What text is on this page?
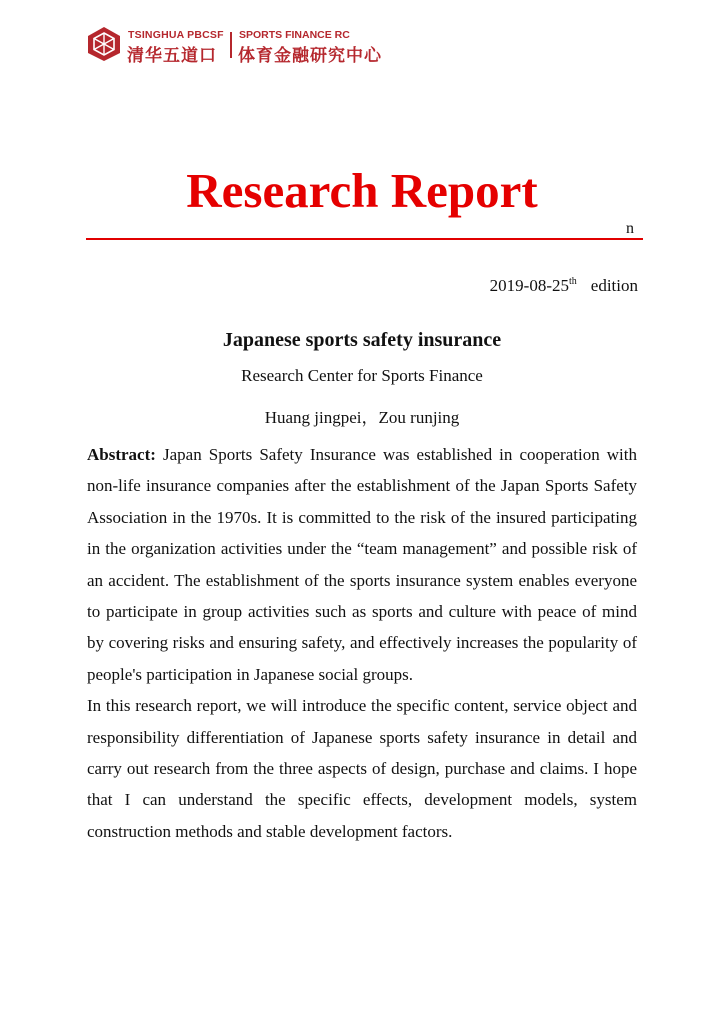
TSINGHUA PBCSF
清华五道口
SPORTS FINANCE RC
体育金融研究中心
Research Report
n
2019-08-25th edition
Japanese sports safety insurance
Research Center for Sports Finance
Huang jingpei，Zou runjing

Abstract: Japan Sports Safety Insurance was established in cooperation with non-life insurance companies after the establishment of the Japan Sports Safety Association in the 1970s. It is committed to the risk of the insured participating in the organization activities under the “team management” and possible risk of an accident. The establishment of the sports insurance system enables everyone to participate in group activities such as sports and culture with peace of mind by covering risks and ensuring safety, and effectively increases the popularity of people's participation in Japanese social groups.

In this research report, we will introduce the specific content, service object and responsibility differentiation of Japanese sports safety insurance in detail and carry out research from the three aspects of design, purchase and claims. I hope that I can understand the specific effects, development models, system construction methods and stable development factors.
